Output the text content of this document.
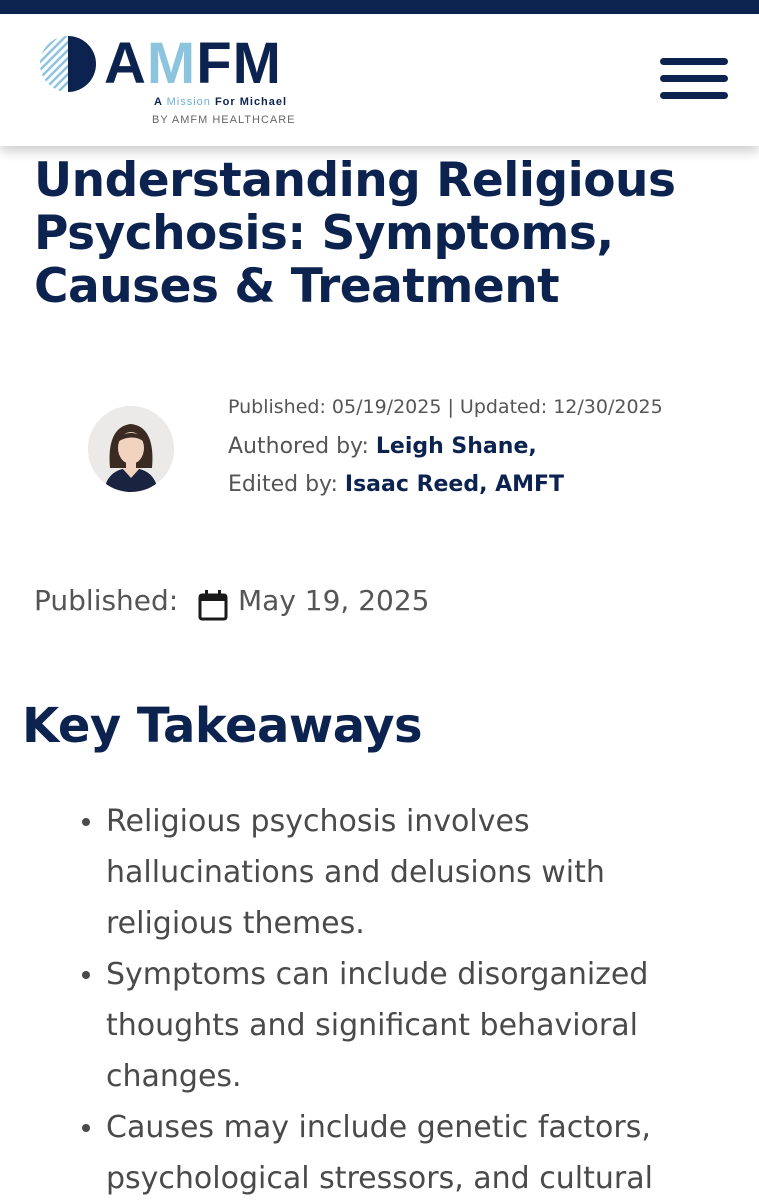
AMFM
A Mission For Michael
BY AMFM HEALTHCARE
Understanding Religious Psychosis: Symptoms, Causes & Treatment
Published: 05/19/2025 | Updated: 12/30/2025
Authored by: Leigh Shane,
Edited by: Isaac Reed, AMFT
Published: May 19, 2025
Key Takeaways
Religious psychosis involves hallucinations and delusions with religious themes.
Symptoms can include disorganized thoughts and significant behavioral changes.
Causes may include genetic factors, psychological stressors, and cultural
